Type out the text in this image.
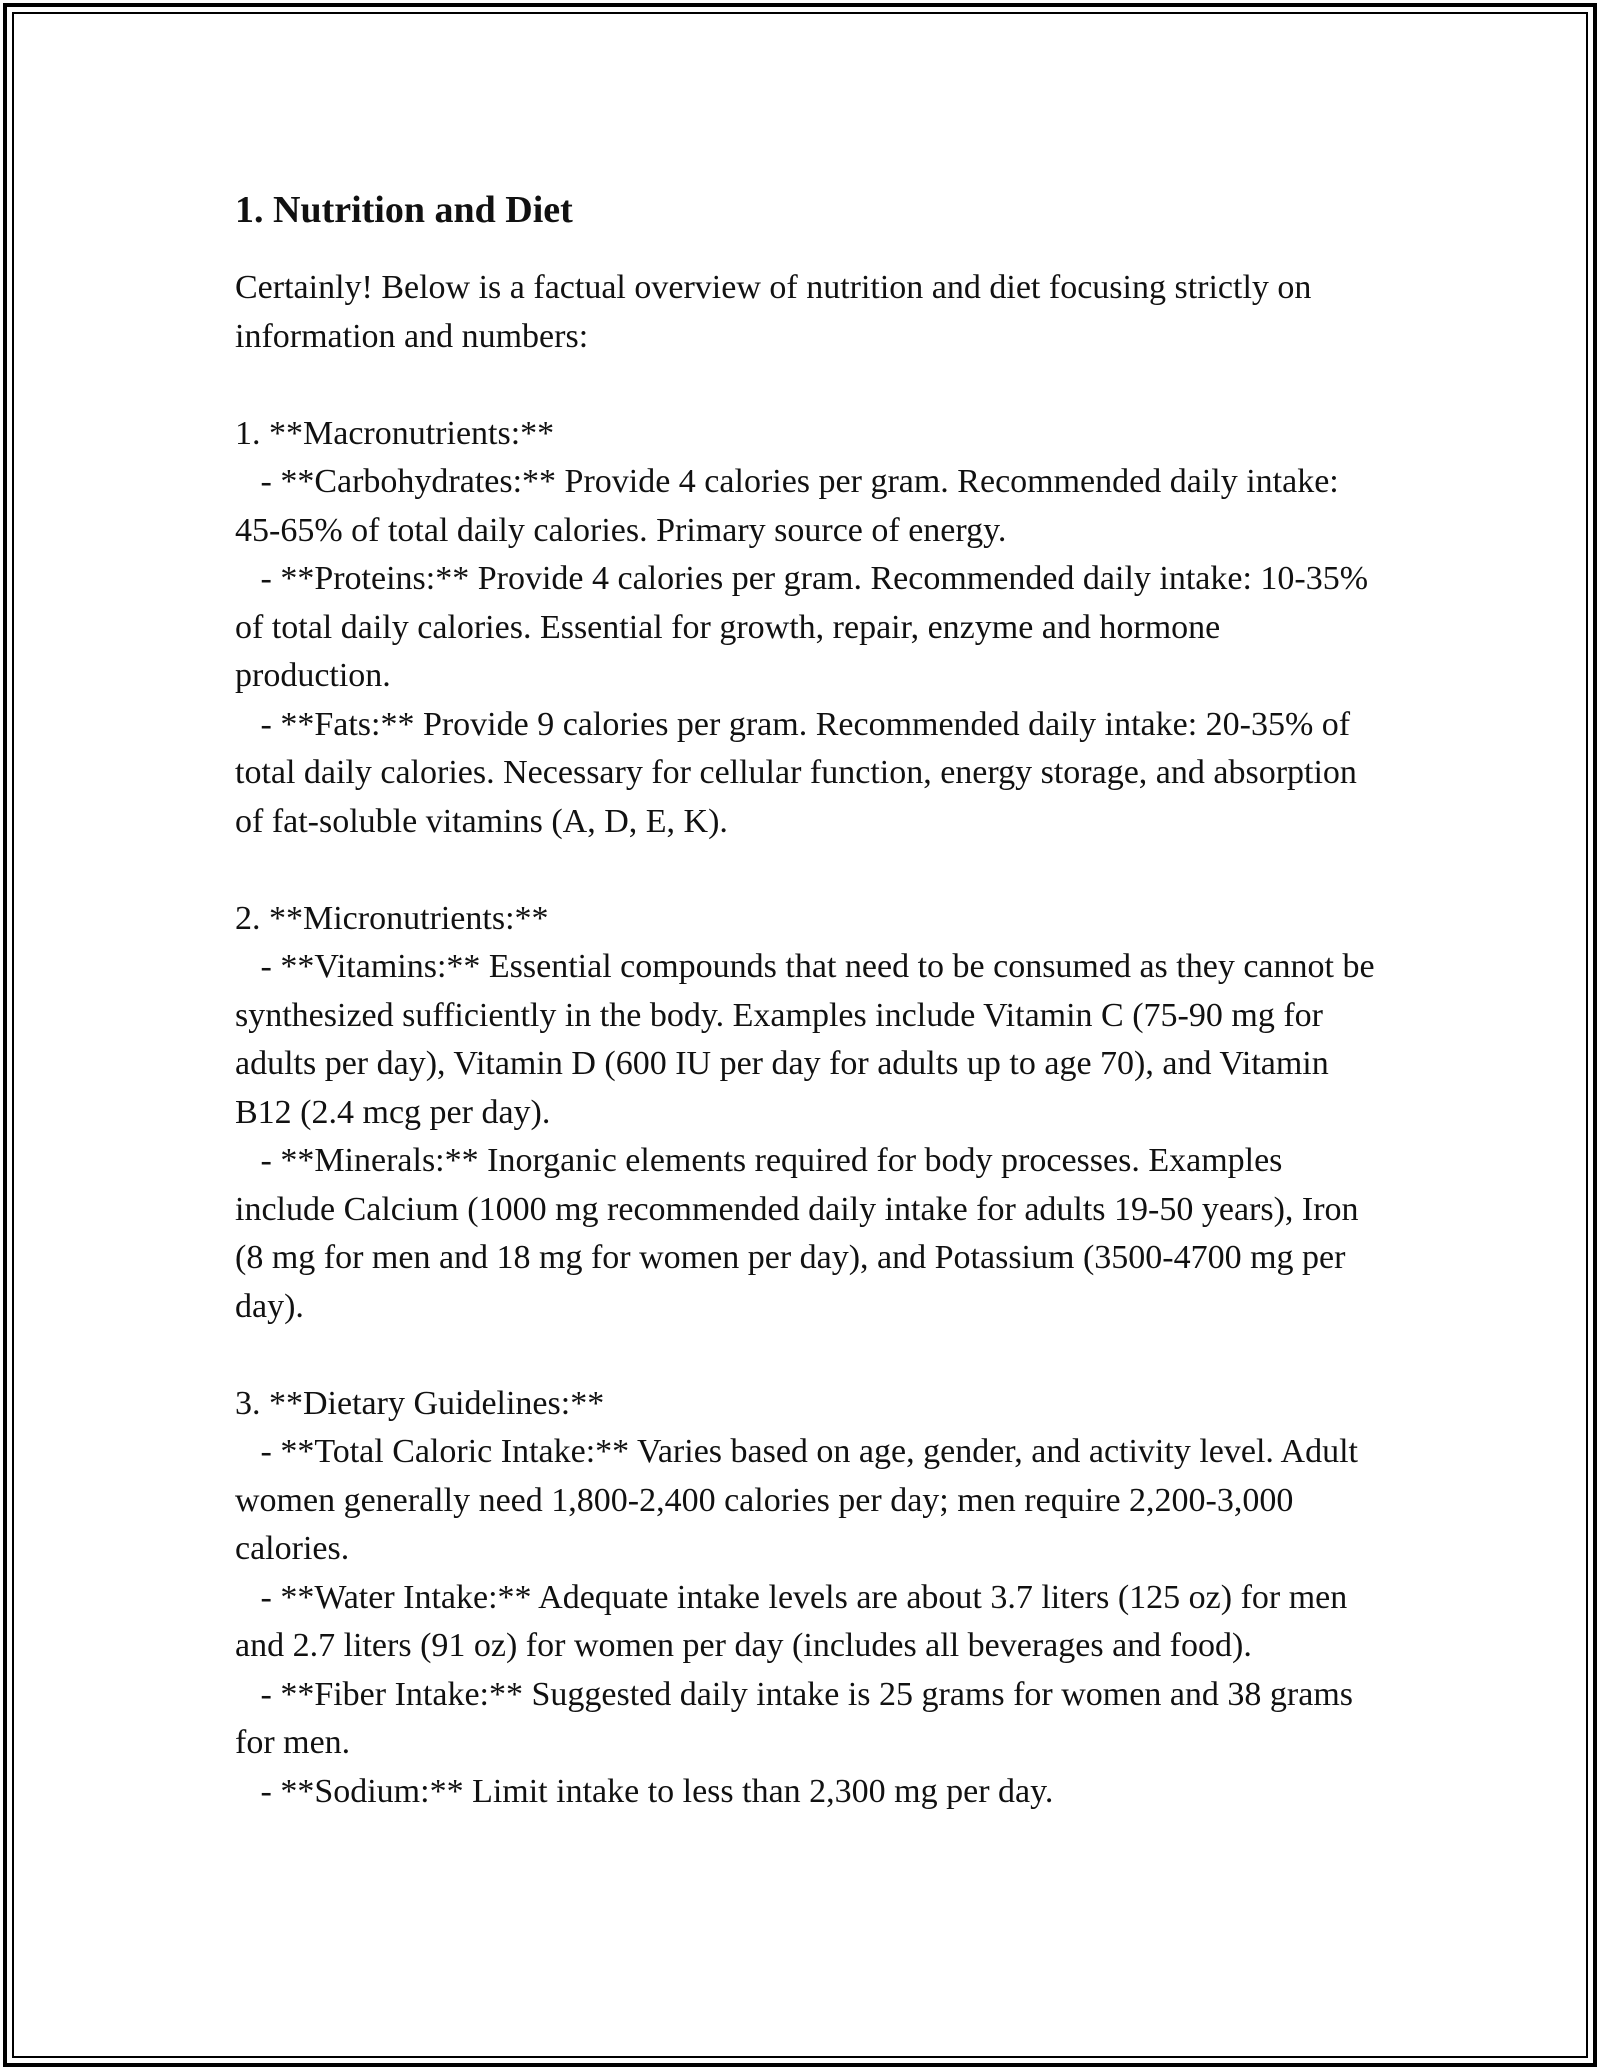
1. Nutrition and Diet

Certainly! Below is a factual overview of nutrition and diet focusing strictly on information and numbers:

1. **Macronutrients:**

- **Carbohydrates:** Provide 4 calories per gram. Recommended daily intake: 45-65% of total daily calories. Primary source of energy.

- **Proteins:** Provide 4 calories per gram. Recommended daily intake: 10-35% of total daily calories. Essential for growth, repair, enzyme and hormone production.

- **Fats:** Provide 9 calories per gram. Recommended daily intake: 20-35% of total daily calories. Necessary for cellular function, energy storage, and absorption of fat-soluble vitamins (A, D, E, K).

2. **Micronutrients:**

- **Vitamins:** Essential compounds that need to be consumed as they cannot be synthesized sufficiently in the body. Examples include Vitamin C (75-90 mg for adults per day), Vitamin D (600 IU per day for adults up to age 70), and Vitamin B12 (2.4 mcg per day).

- **Minerals:** Inorganic elements required for body processes. Examples include Calcium (1000 mg recommended daily intake for adults 19-50 years), Iron (8 mg for men and 18 mg for women per day), and Potassium (3500-4700 mg per day).

3. **Dietary Guidelines:**

- **Total Caloric Intake:** Varies based on age, gender, and activity level. Adult women generally need 1,800-2,400 calories per day; men require 2,200-3,000 calories.

- **Water Intake:** Adequate intake levels are about 3.7 liters (125 oz) for men and 2.7 liters (91 oz) for women per day (includes all beverages and food).

- **Fiber Intake:** Suggested daily intake is 25 grams for women and 38 grams for men.

- **Sodium:** Limit intake to less than 2,300 mg per day.
